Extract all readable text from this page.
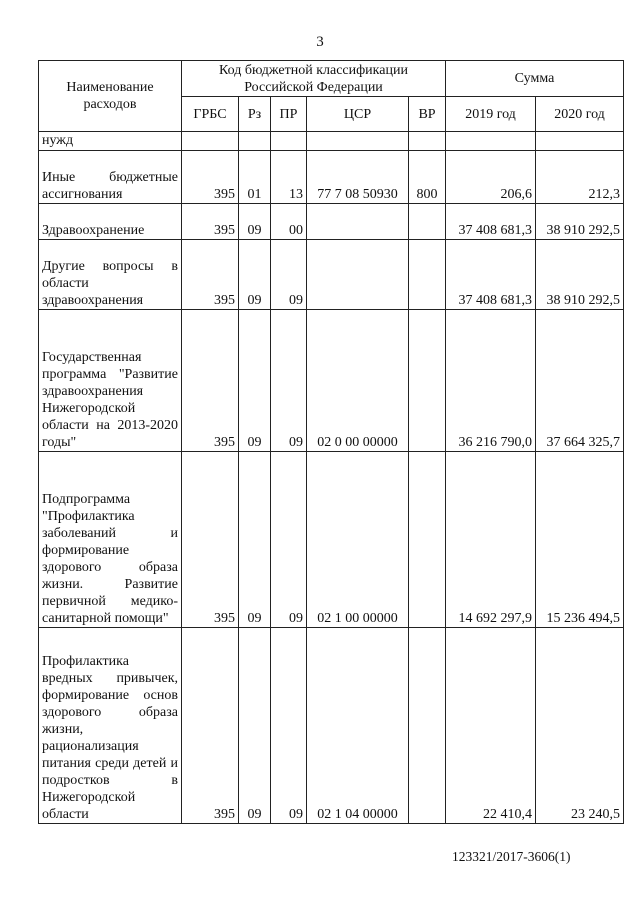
3
Наименование расходов	Код бюджетной классификации Российской Федерации					Сумма	
	ГРБС	Рз	ПР	ЦСР	ВР	2019 год	2020 год
нужд							
Иные бюджетные ассигнования	395	01	13	77 7 08 50930	800	206,6	212,3
Здравоохранение	395	09	00			37 408 681,3	38 910 292,5
Другие вопросы в области здравоохранения	395	09	09			37 408 681,3	38 910 292,5
Государственная программа "Развитие здравоохранения Нижегородской области на 2013-2020 годы"	395	09	09	02 0 00 00000		36 216 790,0	37 664 325,7
Подпрограмма "Профилактика заболеваний и формирование здорового образа жизни. Развитие первичной медико-санитарной помощи"	395	09	09	02 1 00 00000		14 692 297,9	15 236 494,5
Профилактика вредных привычек, формирование основ здорового образа жизни, рационализация питания среди детей и подростков в Нижегородской области	395	09	09	02 1 04 00000		22 410,4	23 240,5
123321/2017-3606(1)
